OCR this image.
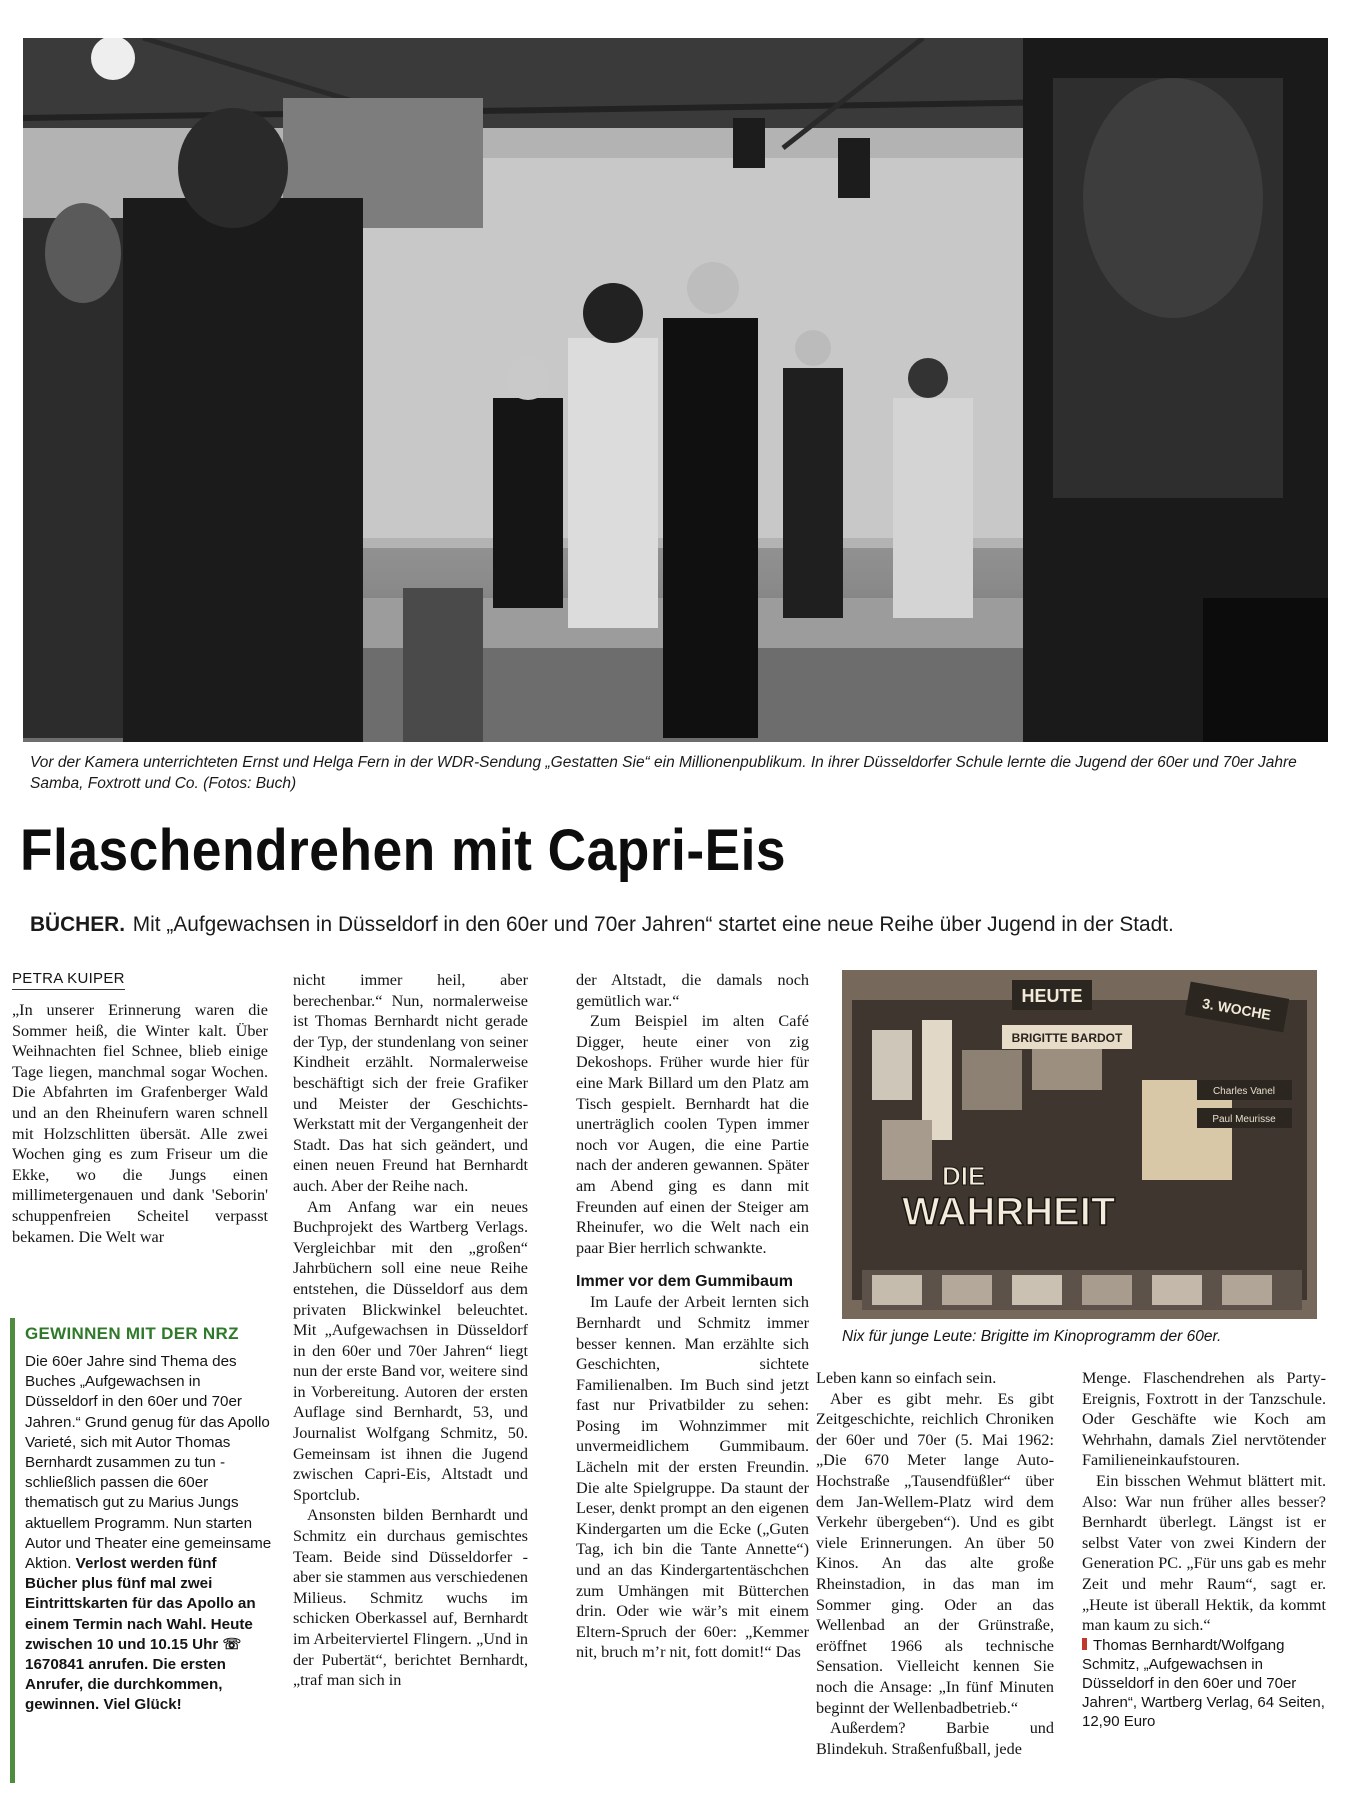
Vor der Kamera unterrichteten Ernst und Helga Fern in der WDR-Sendung „Gestatten Sie“ ein Millionenpublikum. In ihrer Düsseldorfer Schule lernte die Jugend der 60er und 70er Jahre Samba, Foxtrott und Co. (Fotos: Buch)

Flaschendrehen mit Capri-Eis

BÜCHER. Mit „Aufgewachsen in Düsseldorf in den 60er und 70er Jahren“ startet eine neue Reihe über Jugend in der Stadt.

PETRA KUIPER

„In unserer Erinnerung waren die Sommer heiß, die Winter kalt. Über Weihnachten fiel Schnee, blieb einige Tage liegen, manchmal sogar Wochen. Die Abfahrten im Grafenberger Wald und an den Rheinufern waren schnell mit Holzschlitten übersät. Alle zwei Wochen ging es zum Friseur um die Ekke, wo die Jungs einen millimetergenauen und dank 'Seborin' schuppenfreien Scheitel verpasst bekamen. Die Welt war

GEWINNEN MIT DER NRZ

Die 60er Jahre sind Thema des Buches „Aufgewachsen in Düsseldorf in den 60er und 70er Jahren.“ Grund genug für das Apollo Varieté, sich mit Autor Thomas Bernhardt zusammen zu tun - schließlich passen die 60er thematisch gut zu Marius Jungs aktuellem Programm. Nun starten Autor und Theater eine gemeinsame Aktion. Verlost werden fünf Bücher plus fünf mal zwei Eintrittskarten für das Apollo an einem Termin nach Wahl. Heute zwischen 10 und 10.15 Uhr ☏ 1670841 anrufen. Die ersten Anrufer, die durchkommen, gewinnen. Viel Glück!

nicht immer heil, aber berechenbar.“ Nun, normalerweise ist Thomas Bernhardt nicht gerade der Typ, der stundenlang von seiner Kindheit erzählt. Normalerweise beschäftigt sich der freie Grafiker und Meister der Geschichts-Werkstatt mit der Vergangenheit der Stadt. Das hat sich geändert, und einen neuen Freund hat Bernhardt auch. Aber der Reihe nach.

Am Anfang war ein neues Buchprojekt des Wartberg Verlags. Vergleichbar mit den „großen“ Jahrbüchern soll eine neue Reihe entstehen, die Düsseldorf aus dem privaten Blickwinkel beleuchtet. Mit „Aufgewachsen in Düsseldorf in den 60er und 70er Jahren“ liegt nun der erste Band vor, weitere sind in Vorbereitung. Autoren der ersten Auflage sind Bernhardt, 53, und Journalist Wolfgang Schmitz, 50. Gemeinsam ist ihnen die Jugend zwischen Capri-Eis, Altstadt und Sportclub.

Ansonsten bilden Bernhardt und Schmitz ein durchaus gemischtes Team. Beide sind Düsseldorfer - aber sie stammen aus verschiedenen Milieus. Schmitz wuchs im schicken Oberkassel auf, Bernhardt im Arbeiterviertel Flingern. „Und in der Pubertät“, berichtet Bernhardt, „traf man sich in

der Altstadt, die damals noch gemütlich war.“

Zum Beispiel im alten Café Digger, heute einer von zig Dekoshops. Früher wurde hier für eine Mark Billard um den Platz am Tisch gespielt. Bernhardt hat die unerträglich coolen Typen immer noch vor Augen, die eine Partie nach der anderen gewannen. Später am Abend ging es dann mit Freunden auf einen der Steiger am Rheinufer, wo die Welt nach ein paar Bier herrlich schwankte.

Immer vor dem Gummibaum

Im Laufe der Arbeit lernten sich Bernhardt und Schmitz immer besser kennen. Man erzählte sich Geschichten, sichtete Familienalben. Im Buch sind jetzt fast nur Privatbilder zu sehen: Posing im Wohnzimmer mit unvermeidlichem Gummibaum. Lächeln mit der ersten Freundin. Die alte Spielgruppe. Da staunt der Leser, denkt prompt an den eigenen Kindergarten um die Ecke („Guten Tag, ich bin die Tante Annette“) und an das Kindergartentäschchen zum Umhängen mit Bütterchen drin. Oder wie wär’s mit einem Eltern-Spruch der 60er: „Kemmer nit, bruch m’r nit, fott domit!“ Das

HEUTE	3. WOCHE
BRIGITTE BARDOT
Charles Vanel
Paul Meurisse
DIE
WAHRHEIT

Nix für junge Leute: Brigitte im Kinoprogramm der 60er.

Leben kann so einfach sein.

Aber es gibt mehr. Es gibt Zeitgeschichte, reichlich Chroniken der 60er und 70er (5. Mai 1962: „Die 670 Meter lange Auto-Hochstraße „Tausendfüßler“ über dem Jan-Wellem-Platz wird dem Verkehr übergeben“). Und es gibt viele Erinnerungen. An über 50 Kinos. An das alte große Rheinstadion, in das man im Sommer ging. Oder an das Wellenbad an der Grünstraße, eröffnet 1966 als technische Sensation. Vielleicht kennen Sie noch die Ansage: „In fünf Minuten beginnt der Wellenbadbetrieb.“

Außerdem? Barbie und Blindekuh. Straßenfußball, jede

Menge. Flaschendrehen als Party-Ereignis, Foxtrott in der Tanzschule. Oder Geschäfte wie Koch am Wehrhahn, damals Ziel nervtötender Familieneinkaufstouren.

Ein bisschen Wehmut blättert mit. Also: War nun früher alles besser? Bernhardt überlegt. Längst ist er selbst Vater von zwei Kindern der Generation PC. „Für uns gab es mehr Zeit und mehr Raum“, sagt er. „Heute ist überall Hektik, da kommt man kaum zu sich.“

Thomas Bernhardt/Wolfgang Schmitz, „Aufgewachsen in Düsseldorf in den 60er und 70er Jahren“, Wartberg Verlag, 64 Seiten, 12,90 Euro
